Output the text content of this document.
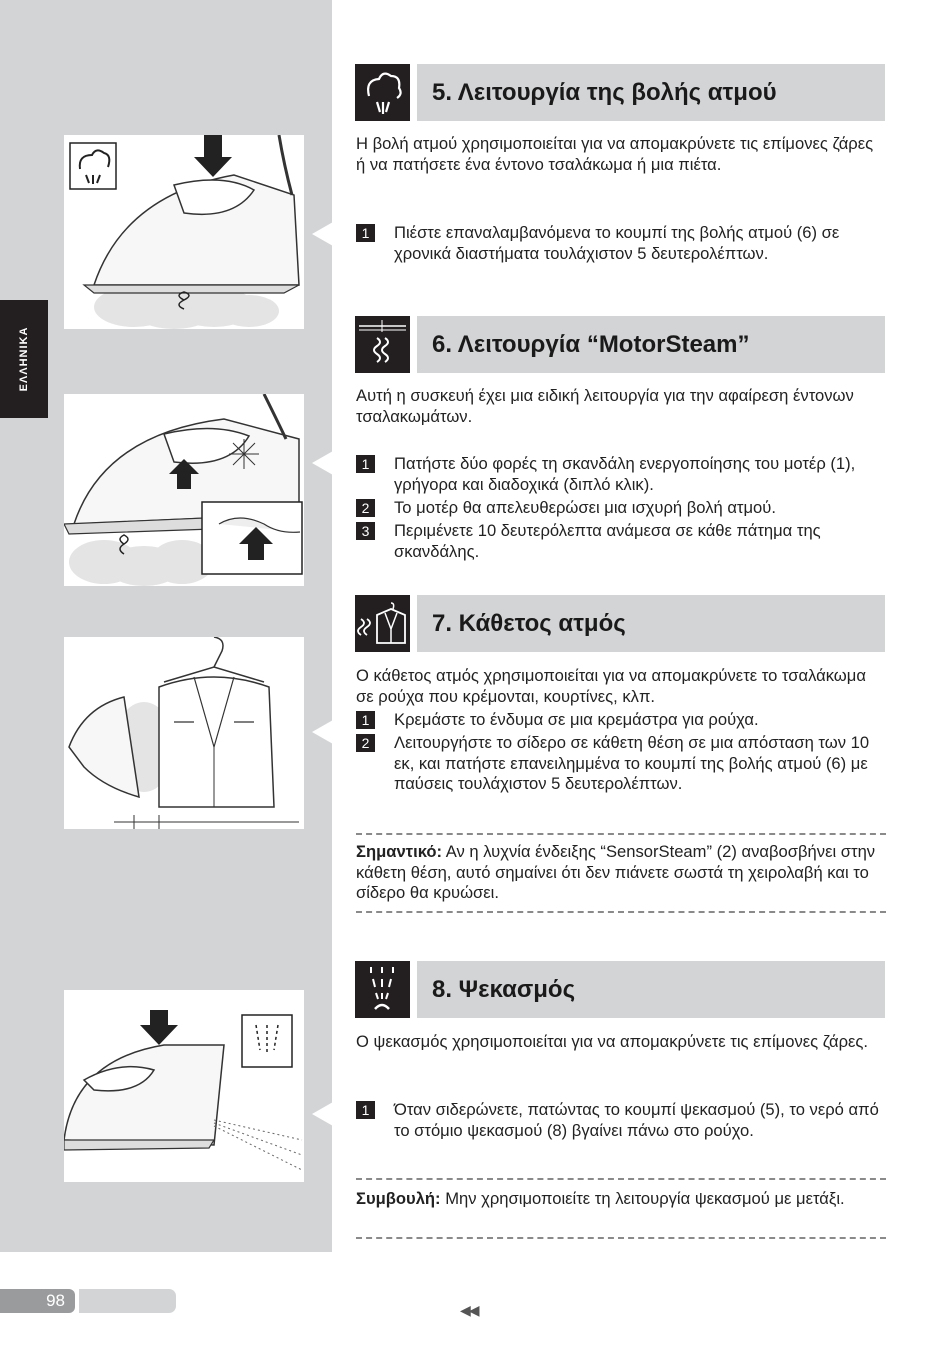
ΕΛΛΗΝΙΚΑ
5. Λειτουργία της βολής ατμού
Η βολή ατμού χρησιμοποιείται για να απομακρύνετε τις επίμονες ζάρες ή να πατήσετε ένα έντονο τσαλάκωμα ή μια πιέτα.
1	Πιέστε επαναλαμβανόμενα το κουμπί της βολής ατμού (6) σε χρονικά διαστήματα τουλάχιστον 5 δευτερολέπτων.
6. Λειτουργία “MotorSteam”
Αυτή η συσκευή έχει μια ειδική λειτουργία για την αφαίρεση έντονων τσαλακωμάτων.
1	Πατήστε δύο φορές τη σκανδάλη ενεργοποίησης του μοτέρ (1), γρήγορα και διαδοχικά (διπλό κλικ).
2	Το μοτέρ θα απελευθερώσει μια ισχυρή βολή ατμού.
3	Περιμένετε 10 δευτερόλεπτα ανάμεσα σε κάθε πάτημα της σκανδάλης.
7. Κάθετος ατμός
Ο κάθετος ατμός χρησιμοποιείται για να απομακρύνετε το τσαλάκωμα σε ρούχα που κρέμονται, κουρτίνες, κλπ.
1	Κρεμάστε το ένδυμα σε μια κρεμάστρα για ρούχα.
2	Λειτουργήστε το σίδερο σε κάθετη θέση σε μια απόσταση των 10 εκ, και πατήστε επανειλημμένα το κουμπί της βολής ατμού (6) με παύσεις τουλάχιστον 5 δευτερολέπτων.
Σημαντικό: Αν η λυχνία ένδειξης “SensorSteam” (2) αναβοσβήνει στην κάθετη θέση, αυτό σημαίνει ότι δεν πιάνετε σωστά τη χειρολαβή και το σίδερο θα κρυώσει.
8. Ψεκασμός
Ο ψεκασμός χρησιμοποιείται για να απομακρύνετε τις επίμονες ζάρες.
1	Όταν σιδερώνετε, πατώντας το κουμπί ψεκασμού (5), το νερό από το στόμιο ψεκασμού (8) βγαίνει πάνω στο ρούχο.
Συμβουλή: Μην χρησιμοποιείτε τη λειτουργία ψεκασμού με μετάξι.
98	◀◀
